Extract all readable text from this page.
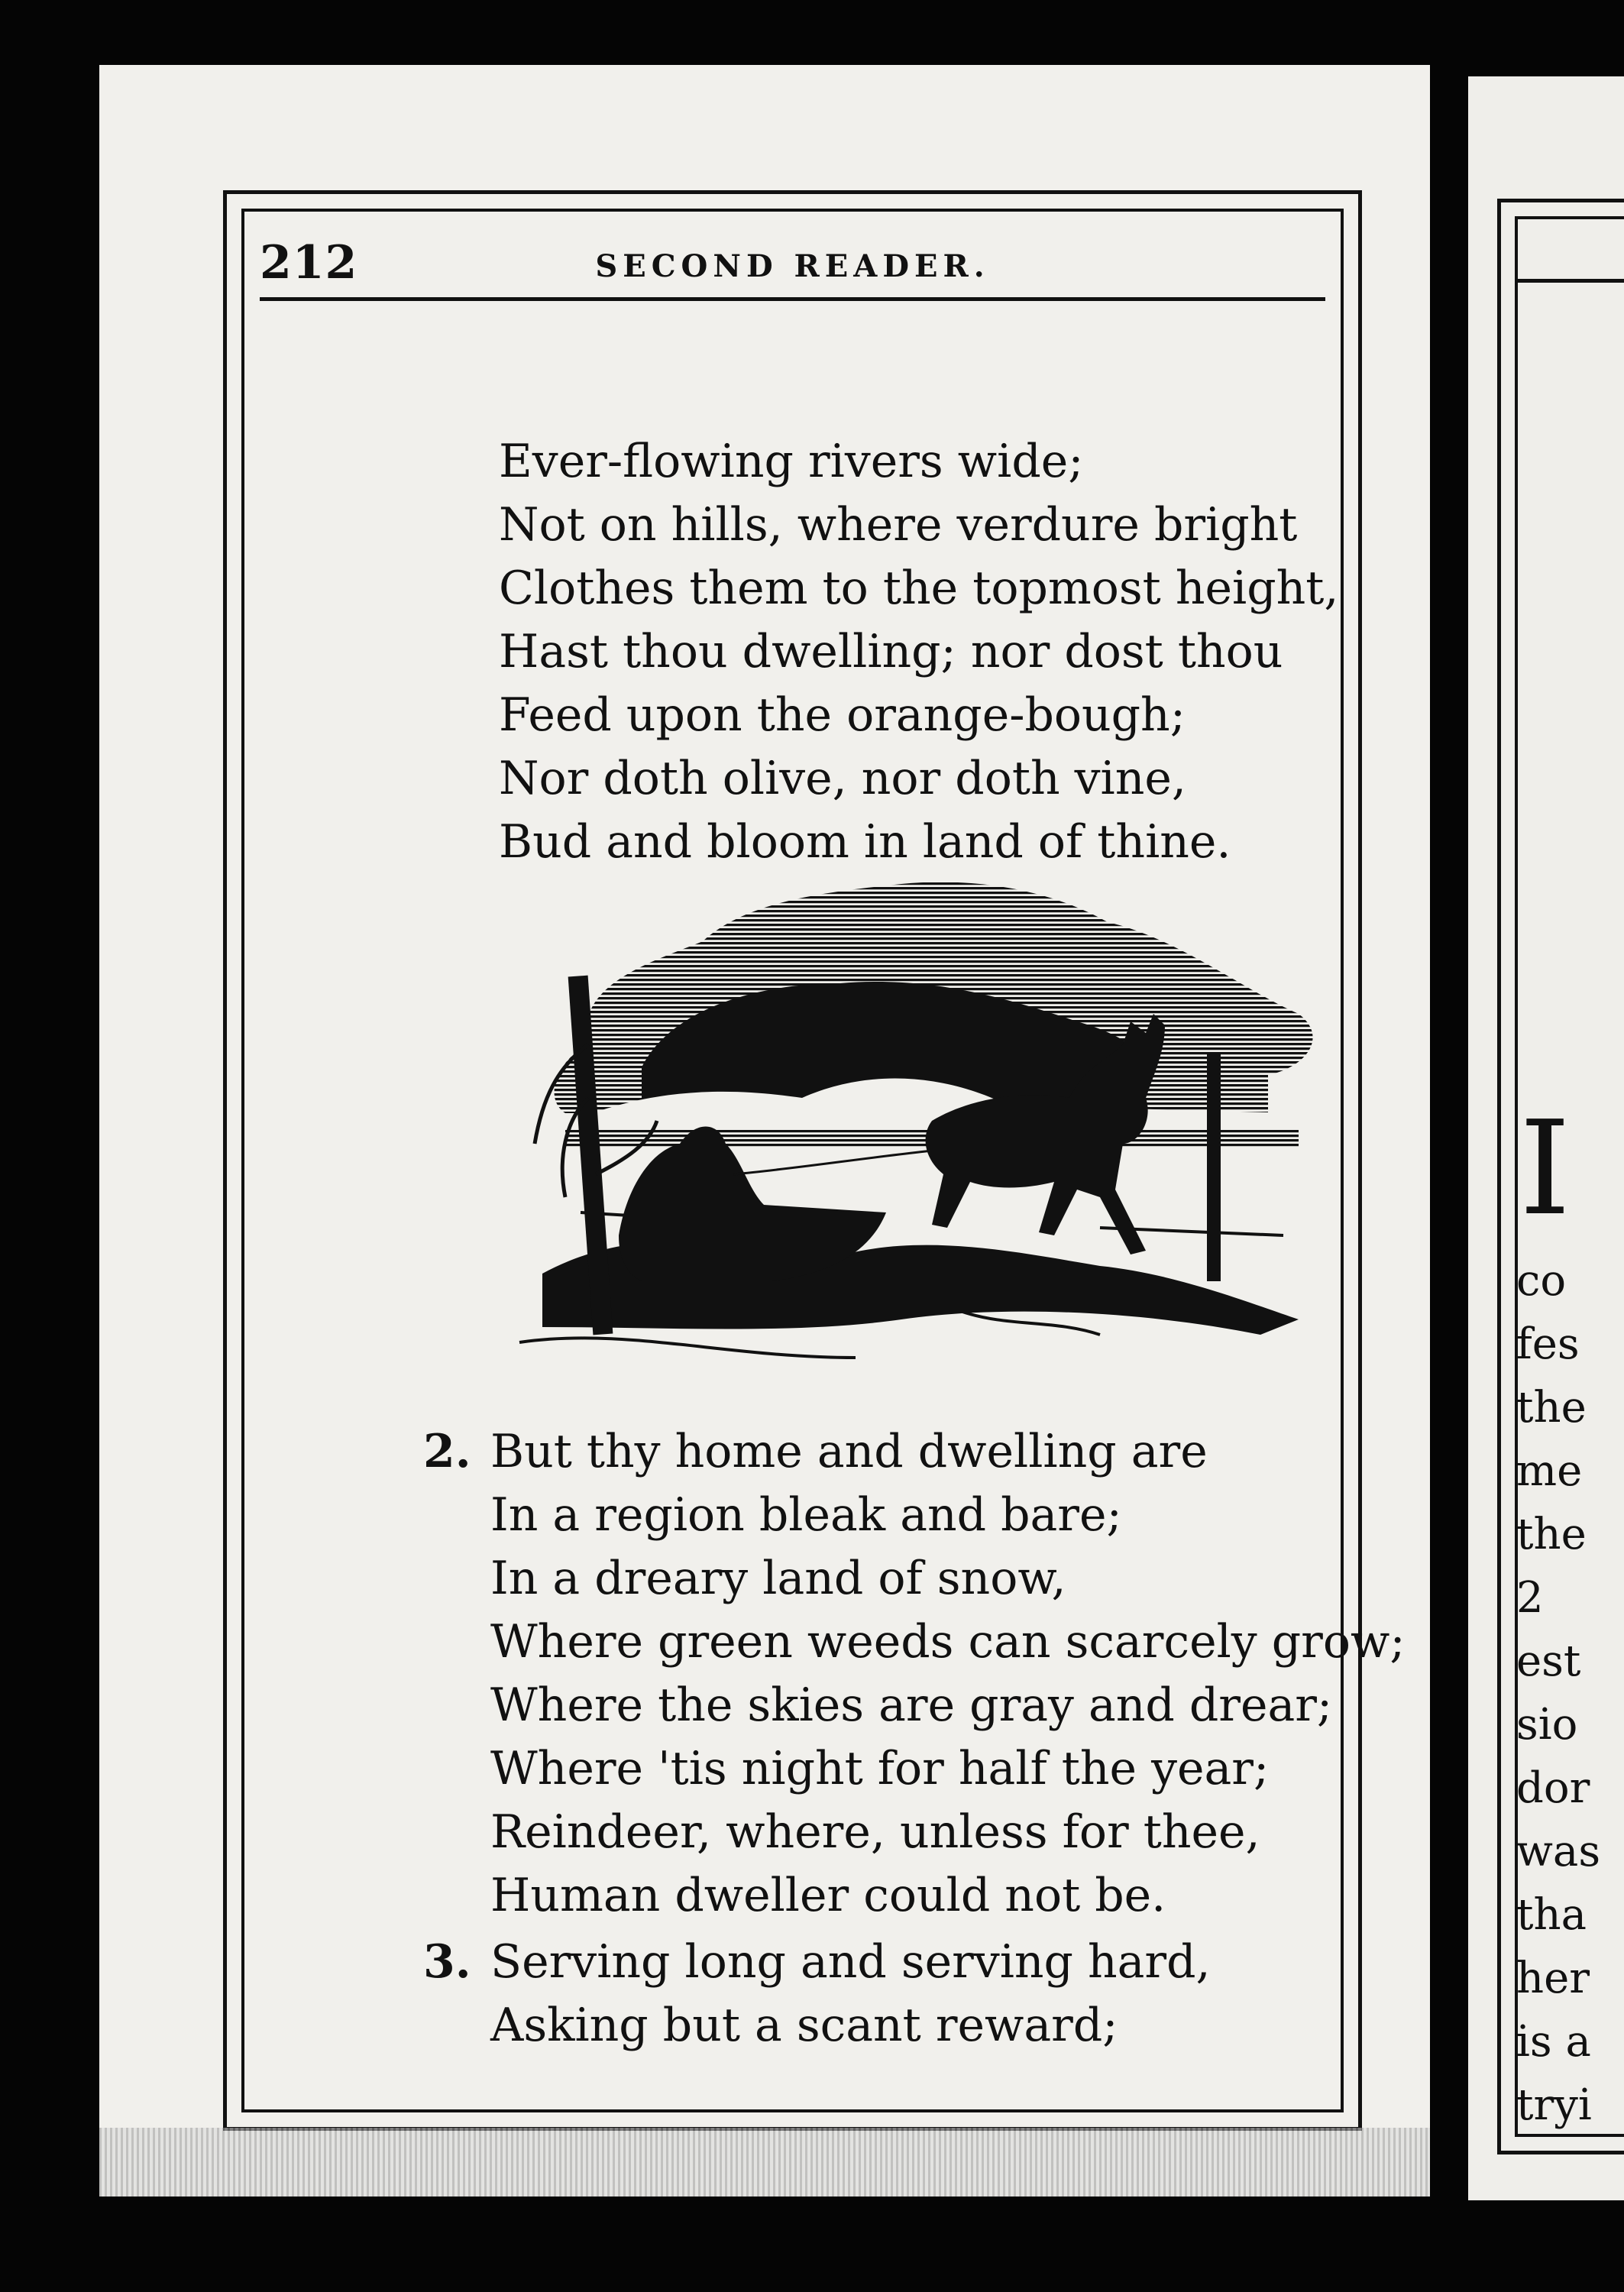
212	SECOND READER.
Ever-flowing rivers wide;
Not on hills, where verdure bright
Clothes them to the topmost height,
Hast thou dwelling; nor dost thou
Feed upon the orange-bough;
Nor doth olive, nor doth vine,
Bud and bloom in land of thine.
2. But thy home and dwelling are
In a region bleak and bare;
In a dreary land of snow,
Where green weeds can scarcely grow;
Where the skies are gray and drear;
Where 'tis night for half the year;
Reindeer, where, unless for thee,
Human dweller could not be.
3. Serving long and serving hard,
Asking but a scant reward;
I
co
fes
the
me
the
2
est
sio
dor
was
tha
her
is a
tryi
